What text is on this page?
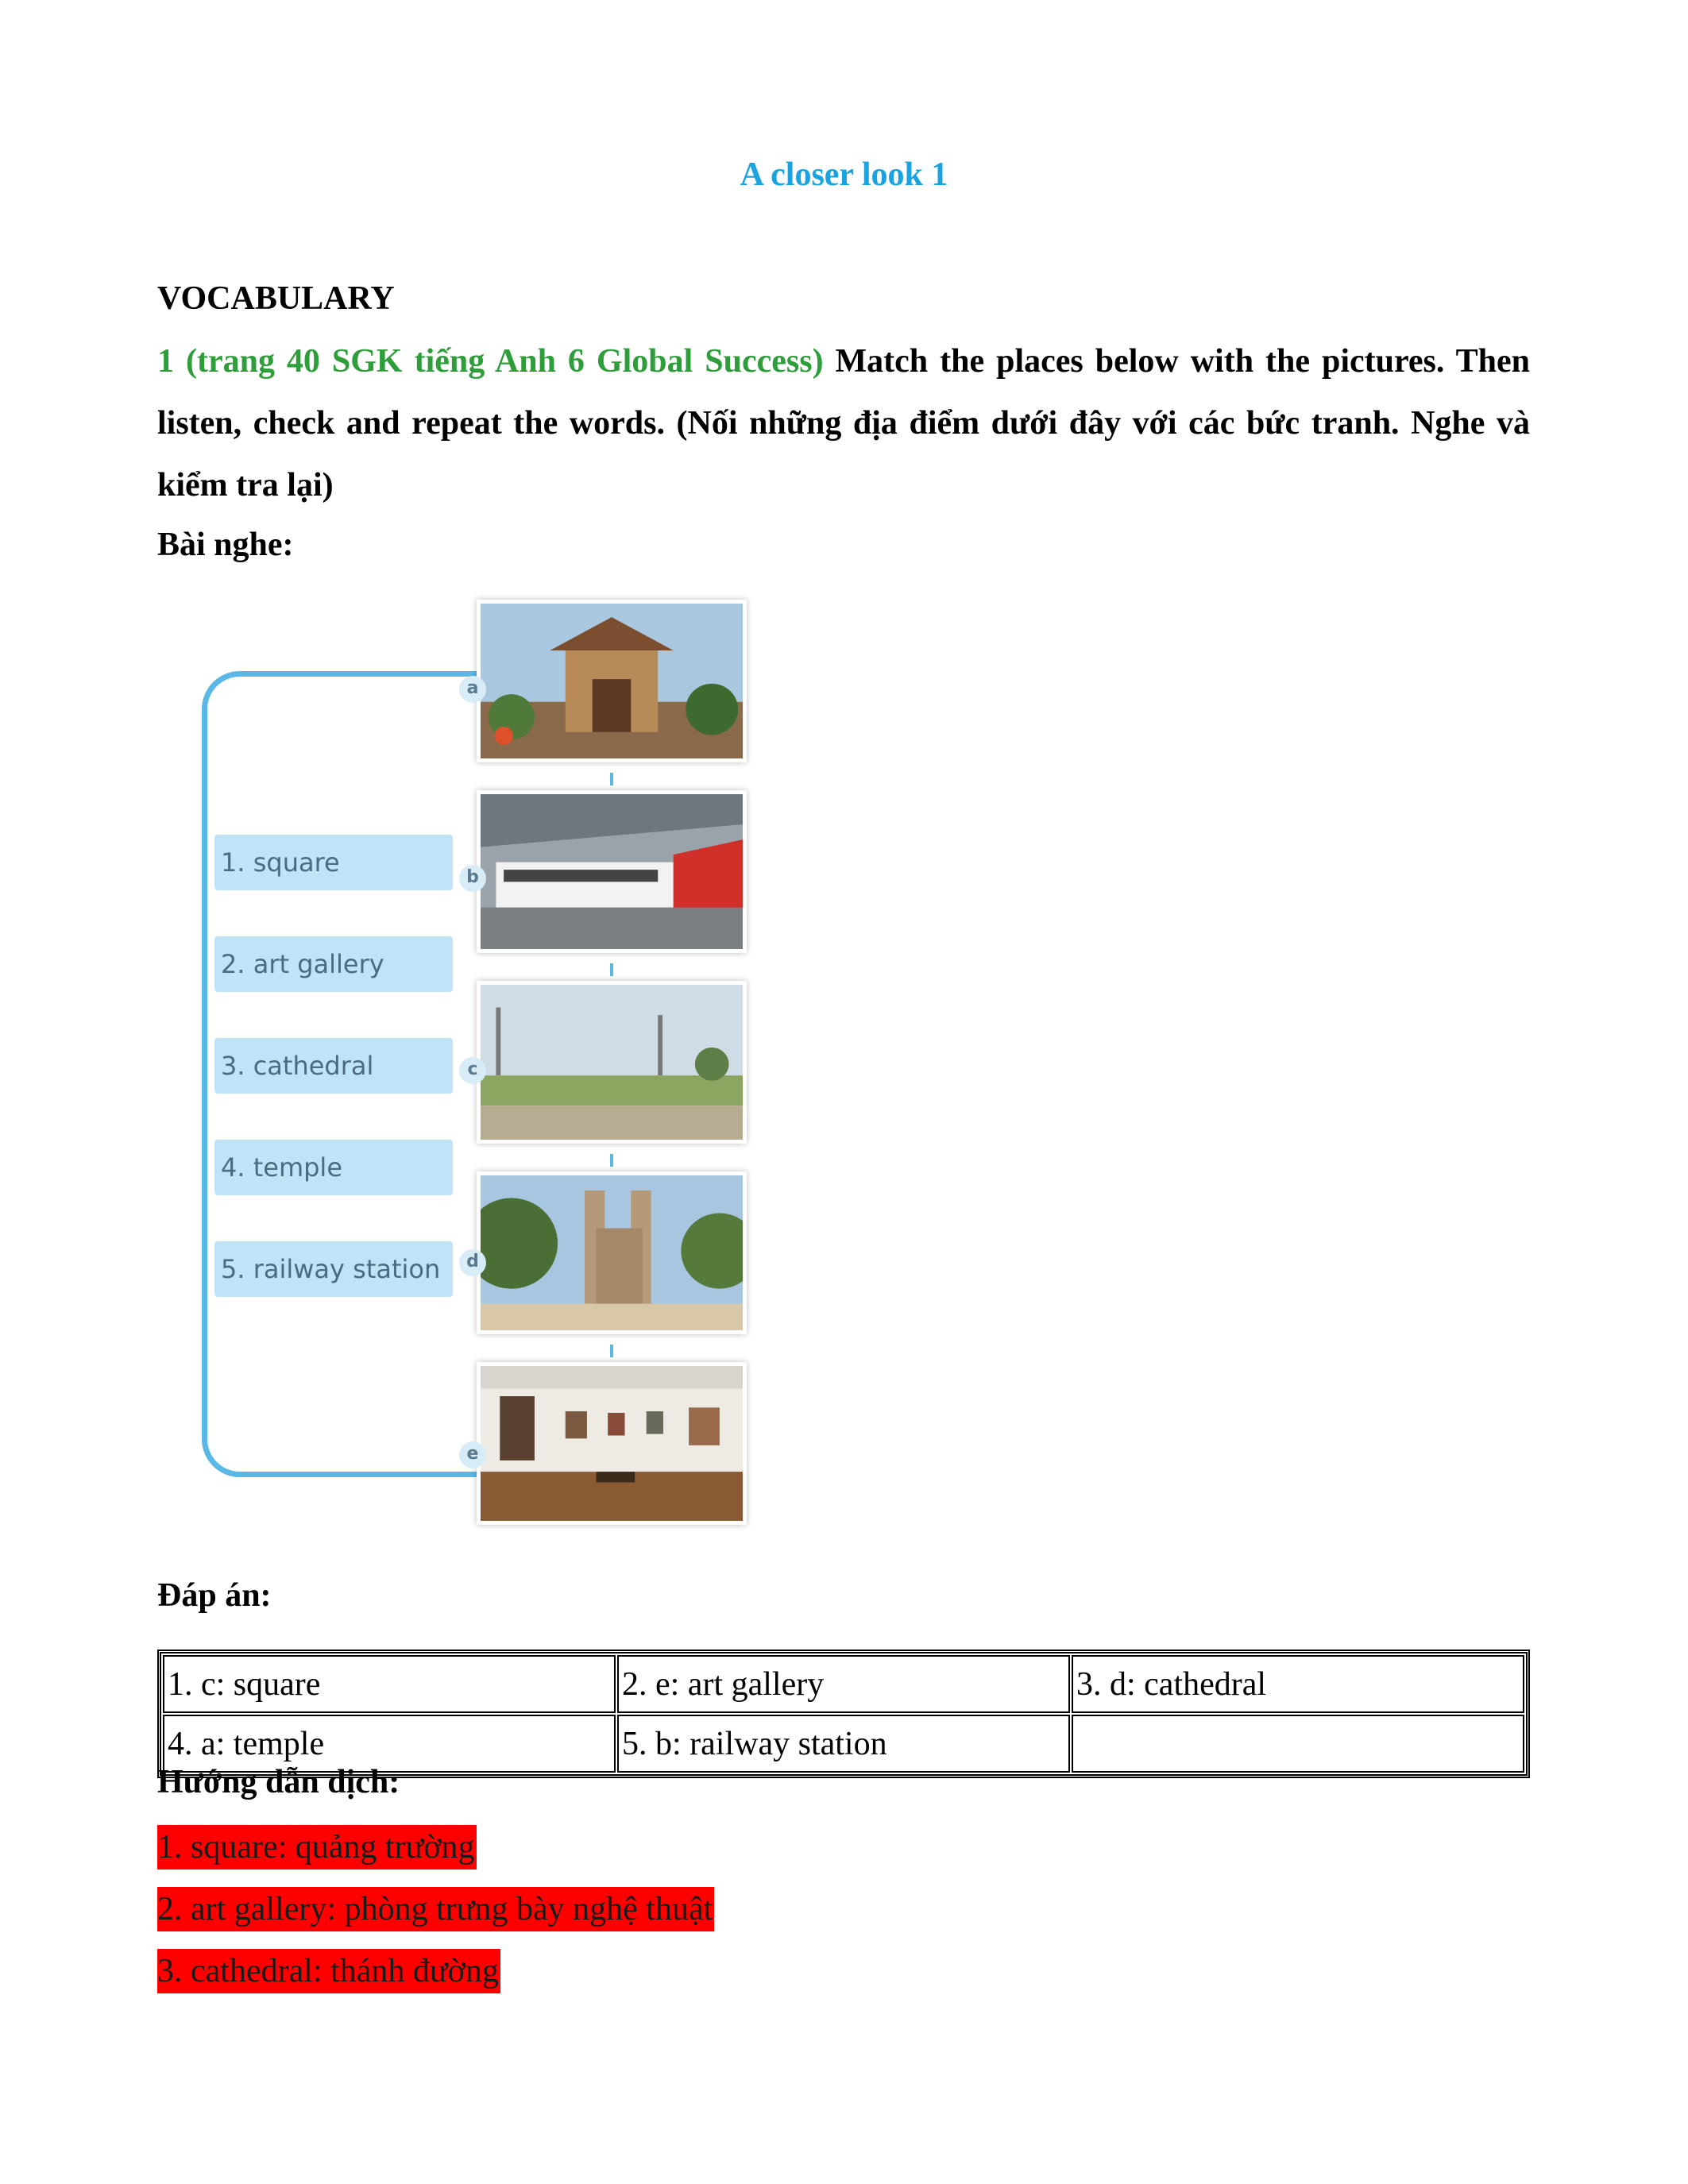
A closer look 1
VOCABULARY
1 (trang 40 SGK tiếng Anh 6 Global Success) Match the places below with the pictures. Then listen, check and repeat the words. (Nối những địa điểm dưới đây với các bức tranh. Nghe và kiểm tra lại)
Bài nghe:
1. square
2. art gallery
3. cathedral
4. temple
5. railway station
a
b
c
d
e
Đáp án:
1. c: square	2. e: art gallery	3. d: cathedral
4. a: temple	5. b: railway station	
Hướng dẫn dịch:
1. square: quảng trường
2. art gallery: phòng trưng bày nghệ thuật
3. cathedral: thánh đường
